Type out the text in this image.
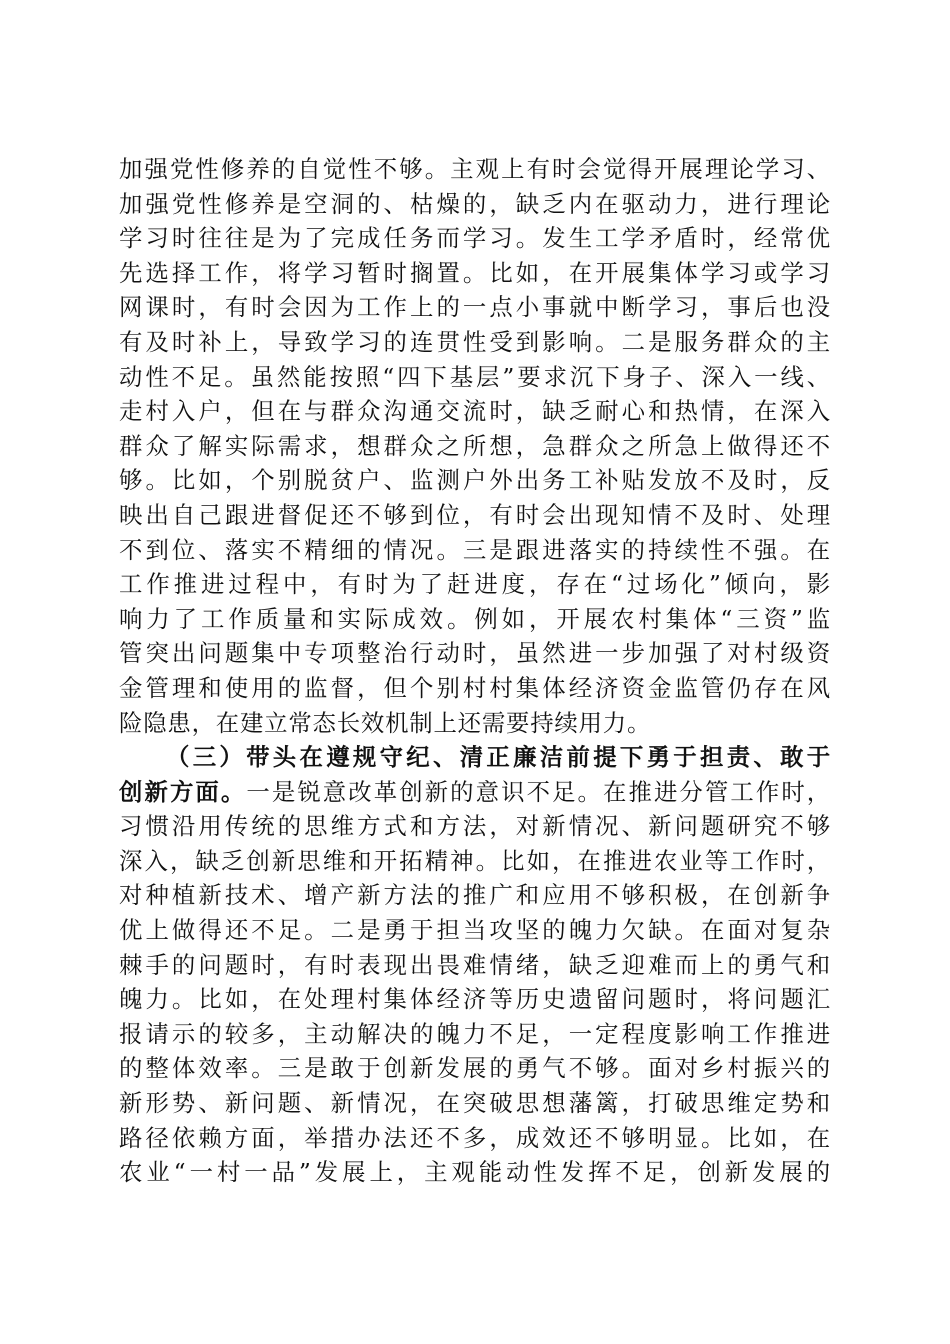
加强党性修养的自觉性不够。主观上有时会觉得开展理论学习、
加强党性修养是空洞的、枯燥的，缺乏内在驱动力，进行理论
学习时往往是为了完成任务而学习。发生工学矛盾时，经常优
先选择工作，将学习暂时搁置。比如，在开展集体学习或学习
网课时，有时会因为工作上的一点小事就中断学习，事后也没
有及时补上，导致学习的连贯性受到影响。二是服务群众的主
动性不足。虽然能按照“四下基层”要求沉下身子、深入一线、
走村入户，但在与群众沟通交流时，缺乏耐心和热情，在深入
群众了解实际需求，想群众之所想，急群众之所急上做得还不
够。比如，个别脱贫户、监测户外出务工补贴发放不及时，反
映出自己跟进督促还不够到位，有时会出现知情不及时、处理
不到位、落实不精细的情况。三是跟进落实的持续性不强。在
工作推进过程中，有时为了赶进度，存在“过场化”倾向，影
响力了工作质量和实际成效。例如，开展农村集体“三资”监
管突出问题集中专项整治行动时，虽然进一步加强了对村级资
金管理和使用的监督，但个别村村集体经济资金监管仍存在风
险隐患，在建立常态长效机制上还需要持续用力。
（三）带头在遵规守纪、清正廉洁前提下勇于担责、敢于
创新方面。一是锐意改革创新的意识不足。在推进分管工作时，
习惯沿用传统的思维方式和方法，对新情况、新问题研究不够
深入，缺乏创新思维和开拓精神。比如，在推进农业等工作时，
对种植新技术、增产新方法的推广和应用不够积极，在创新争
优上做得还不足。二是勇于担当攻坚的魄力欠缺。在面对复杂
棘手的问题时，有时表现出畏难情绪，缺乏迎难而上的勇气和
魄力。比如，在处理村集体经济等历史遗留问题时，将问题汇
报请示的较多，主动解决的魄力不足，一定程度影响工作推进
的整体效率。三是敢于创新发展的勇气不够。面对乡村振兴的
新形势、新问题、新情况，在突破思想藩篱，打破思维定势和
路径依赖方面，举措办法还不多，成效还不够明显。比如，在
农业“一村一品”发展上，主观能动性发挥不足，创新发展的
